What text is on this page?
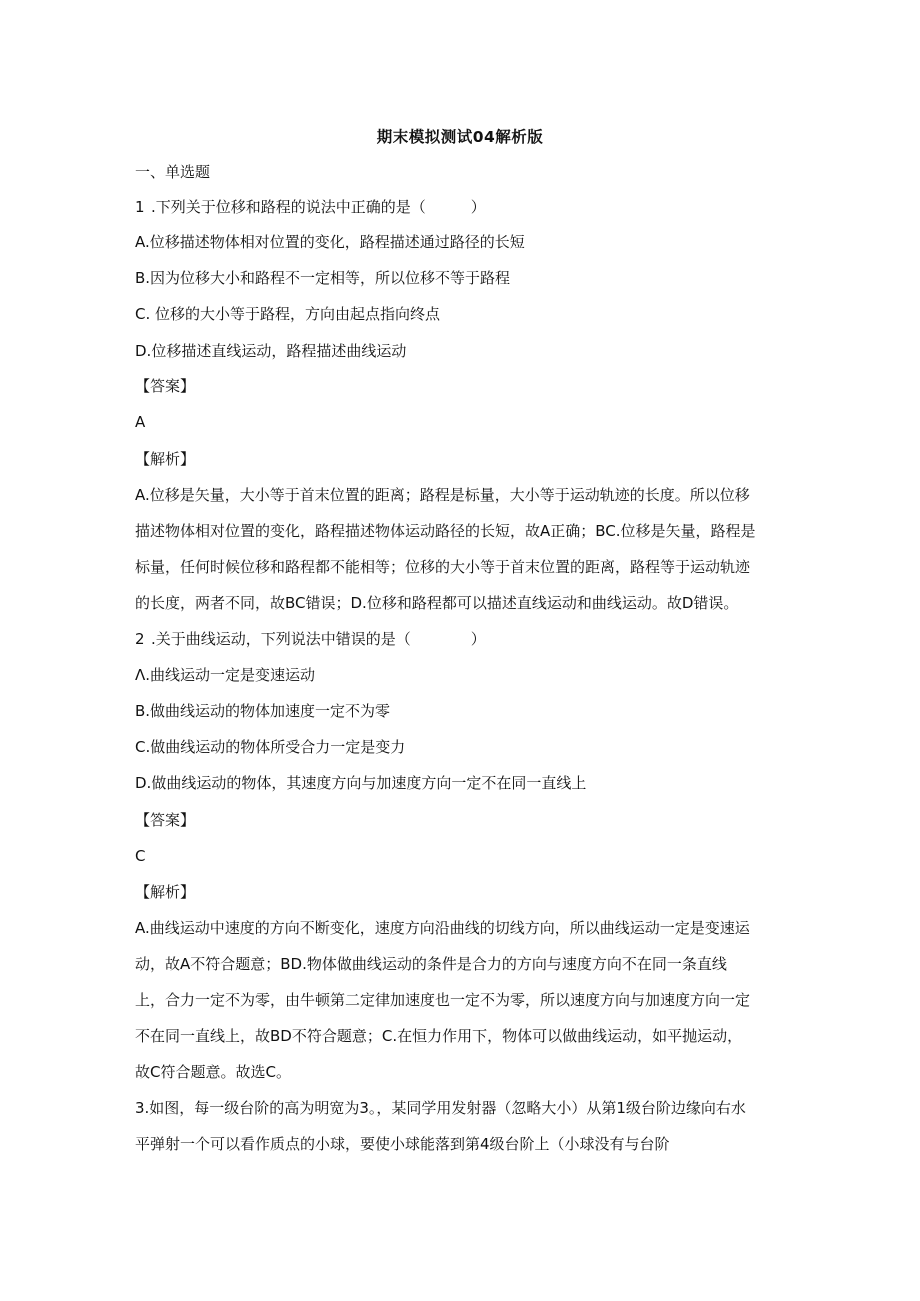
期末模拟测试04解析版
一、单选题
1 .下列关于位移和路程的说法中正确的是（　　　）
A.位移描述物体相对位置的变化，路程描述通过路径的长短
B.因为位移大小和路程不一定相等，所以位移不等于路程
C. 位移的大小等于路程，方向由起点指向终点
D.位移描述直线运动，路程描述曲线运动
【答案】
A
【解析】
A.位移是矢量，大小等于首末位置的距离；路程是标量，大小等于运动轨迹的长度。所以位移
描述物体相对位置的变化，路程描述物体运动路径的长短，故A正确；BC.位移是矢量，路程是
标量，任何时候位移和路程都不能相等；位移的大小等于首末位置的距离，路程等于运动轨迹
的长度，两者不同，故BC错误；D.位移和路程都可以描述直线运动和曲线运动。故D错误。
2 .关于曲线运动，下列说法中错误的是（　　　　）
Λ.曲线运动一定是变速运动
B.做曲线运动的物体加速度一定不为零
C.做曲线运动的物体所受合力一定是变力
D.做曲线运动的物体，其速度方向与加速度方向一定不在同一直线上
【答案】
C
【解析】
A.曲线运动中速度的方向不断变化，速度方向沿曲线的切线方向，所以曲线运动一定是变速运
动，故A不符合题意；BD.物体做曲线运动的条件是合力的方向与速度方向不在同一条直线
上，合力一定不为零，由牛顿第二定律加速度也一定不为零，所以速度方向与加速度方向一定
不在同一直线上，故BD不符合题意；C.在恒力作用下，物体可以做曲线运动，如平抛运动，
故C符合题意。故选C。
3.如图，每一级台阶的高为明宽为3。，某同学用发射器（忽略大小）从第1级台阶边缘向右水
平弹射一个可以看作质点的小球，要使小球能落到第4级台阶上（小球没有与台阶
